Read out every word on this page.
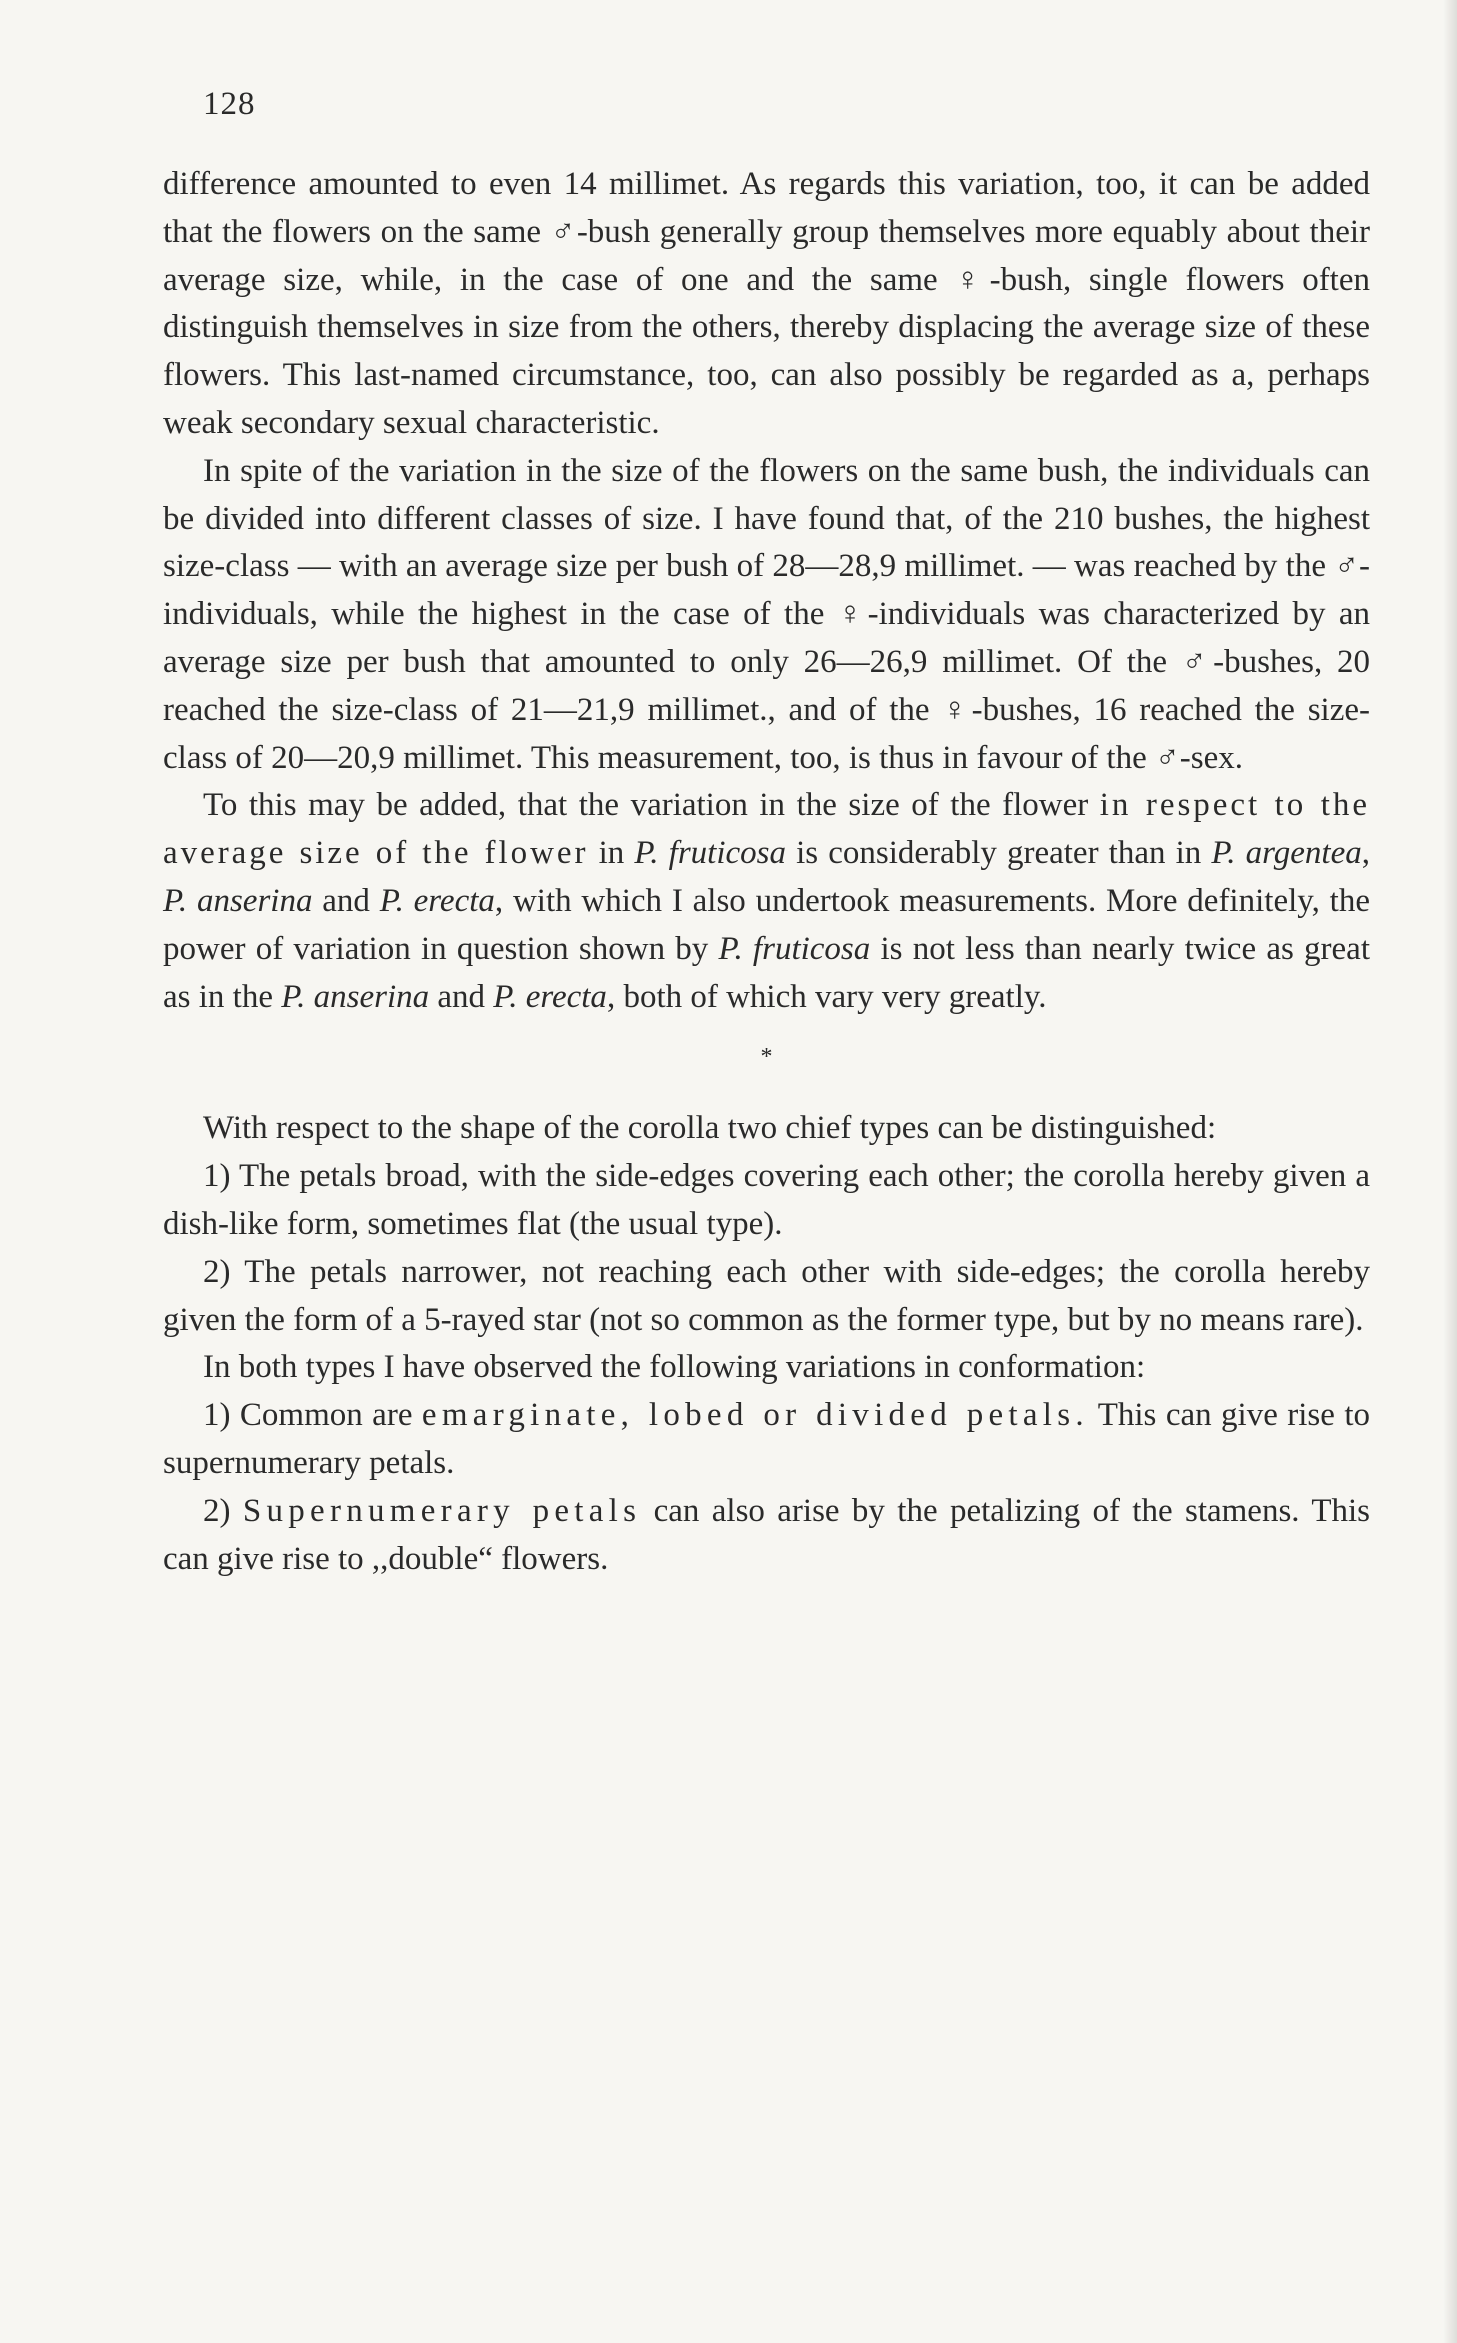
128

difference amounted to even 14 millimet. As regards this variation, too, it can be added that the flowers on the same ♂-bush generally group themselves more equably about their average size, while, in the case of one and the same ♀-bush, single flowers often distinguish themselves in size from the others, thereby displacing the average size of these flowers. This last-named circumstance, too, can also possibly be regarded as a, perhaps weak secondary sexual characteristic.

In spite of the variation in the size of the flowers on the same bush, the individuals can be divided into different classes of size. I have found that, of the 210 bushes, the highest size-class — with an average size per bush of 28—28,9 millimet. — was reached by the ♂-individuals, while the highest in the case of the ♀-individuals was characterized by an average size per bush that amounted to only 26—26,9 millimet. Of the ♂-bushes, 20 reached the size-class of 21—21,9 millimet., and of the ♀-bushes, 16 reached the size-class of 20—20,9 millimet. This measurement, too, is thus in favour of the ♂-sex.

To this may be added, that the variation in the size of the flower in respect to the average size of the flower in P. fruticosa is considerably greater than in P. argentea, P. anserina and P. erecta, with which I also undertook measurements. More definitely, the power of variation in question shown by P. fruticosa is not less than nearly twice as great as in the P. anserina and P. erecta, both of which vary very greatly.

*

With respect to the shape of the corolla two chief types can be distinguished:

1) The petals broad, with the side-edges covering each other; the corolla hereby given a dish-like form, sometimes flat (the usual type).

2) The petals narrower, not reaching each other with side-edges; the corolla hereby given the form of a 5-rayed star (not so common as the former type, but by no means rare).

In both types I have observed the following variations in conformation:

1) Common are emarginate, lobed or divided petals. This can give rise to supernumerary petals.

2) Supernumerary petals can also arise by the petalizing of the stamens. This can give rise to ,,double“ flowers.
